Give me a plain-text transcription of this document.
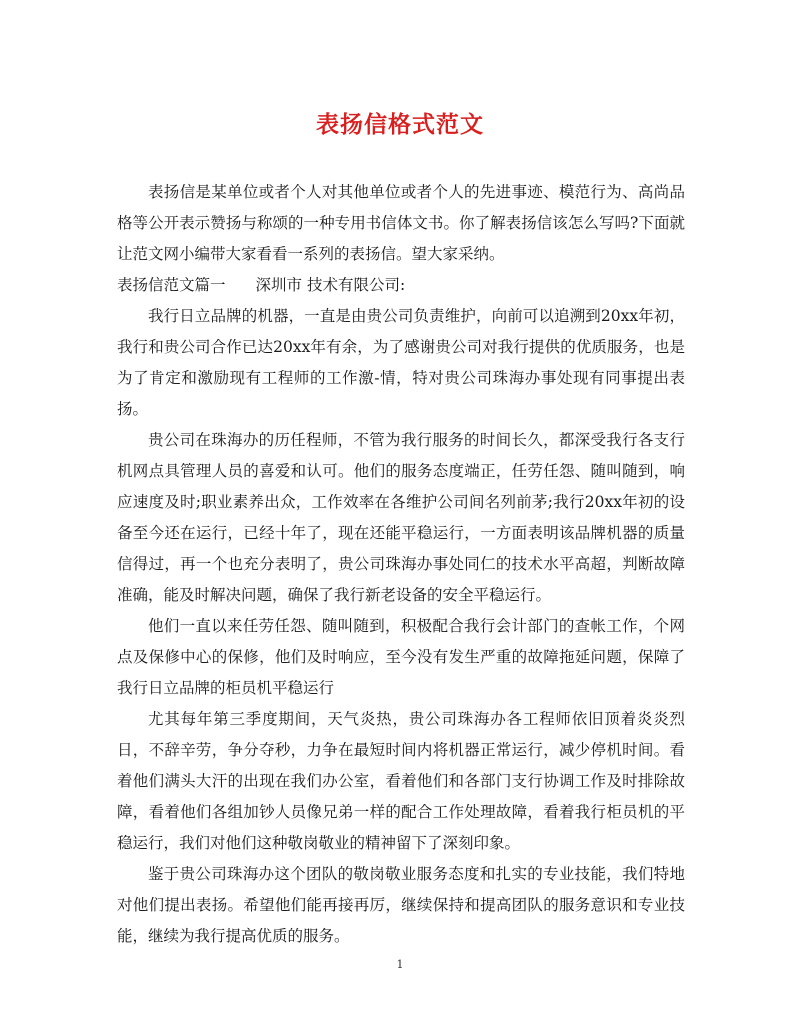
表扬信格式范文

表扬信是某单位或者个人对其他单位或者个人的先进事迹、模范行为、高尚品格等公开表示赞扬与称颂的一种专用书信体文书。你了解表扬信该怎么写吗?下面就让范文网小编带大家看看一系列的表扬信。望大家采纳。

表扬信范文篇一 深圳市 技术有限公司:

我行日立品牌的机器，一直是由贵公司负责维护，向前可以追溯到20xx年初，我行和贵公司合作已达20xx年有余，为了感谢贵公司对我行提供的优质服务，也是为了肯定和激励现有工程师的工作激-情，特对贵公司珠海办事处现有同事提出表扬。

贵公司在珠海办的历任程师，不管为我行服务的时间长久，都深受我行各支行机网点具管理人员的喜爱和认可。他们的服务态度端正，任劳任怨、随叫随到，响应速度及时;职业素养出众，工作效率在各维护公司间名列前茅;我行20xx年初的设备至今还在运行，已经十年了，现在还能平稳运行，一方面表明该品牌机器的质量信得过，再一个也充分表明了，贵公司珠海办事处同仁的技术水平高超，判断故障准确，能及时解决问题，确保了我行新老设备的安全平稳运行。

他们一直以来任劳任怨、随叫随到，积极配合我行会计部门的查帐工作，个网点及保修中心的保修，他们及时响应，至今没有发生严重的故障拖延问题，保障了我行日立品牌的柜员机平稳运行

尤其每年第三季度期间，天气炎热，贵公司珠海办各工程师依旧顶着炎炎烈日，不辞辛劳，争分夺秒，力争在最短时间内将机器正常运行，减少停机时间。看着他们满头大汗的出现在我们办公室，看着他们和各部门支行协调工作及时排除故障，看着他们各组加钞人员像兄弟一样的配合工作处理故障，看着我行柜员机的平稳运行，我们对他们这种敬岗敬业的精神留下了深刻印象。

鉴于贵公司珠海办这个团队的敬岗敬业服务态度和扎实的专业技能，我们特地对他们提出表扬。希望他们能再接再厉，继续保持和提高团队的服务意识和专业技能，继续为我行提高优质的服务。

1
